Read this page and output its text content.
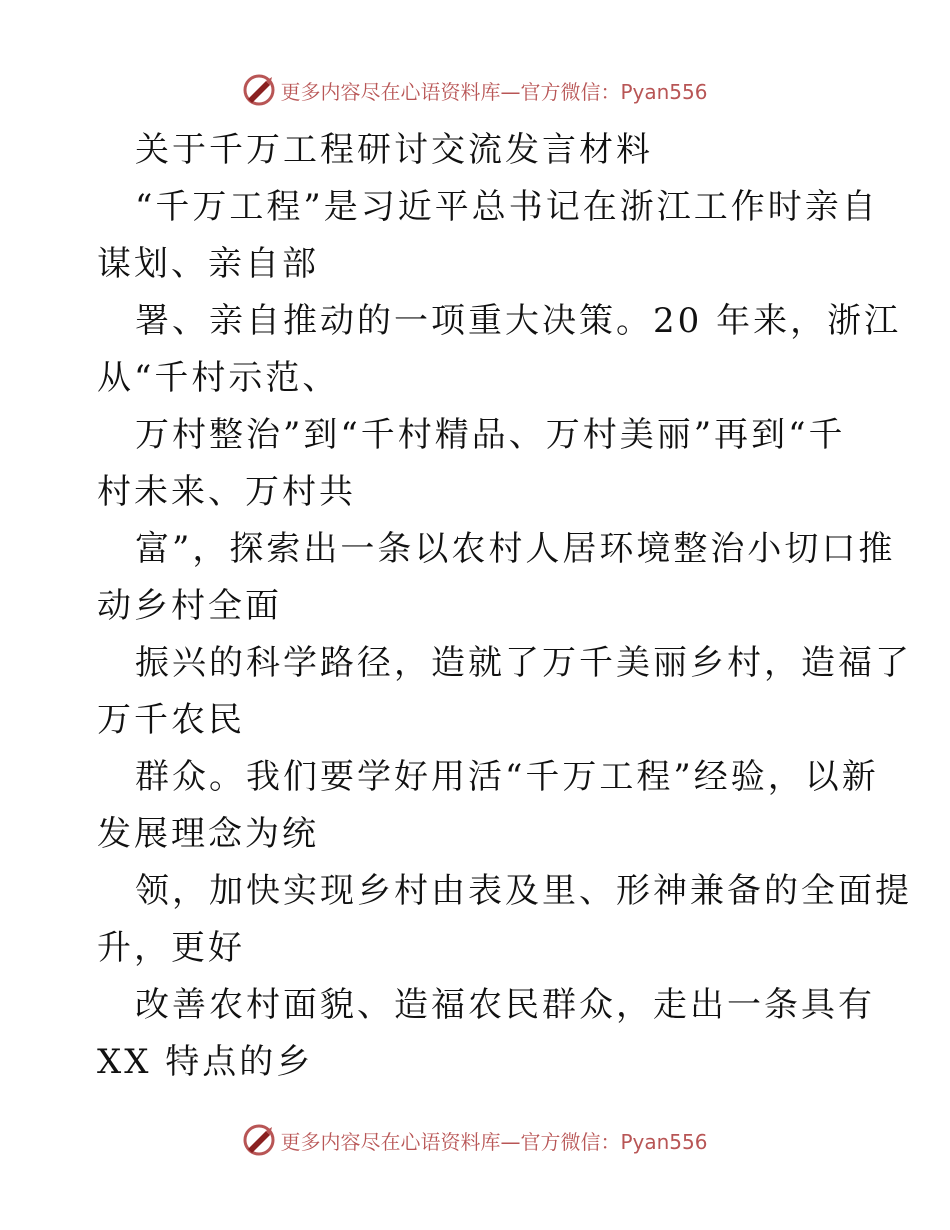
更多内容尽在心语资料库—官方微信：Pyan556
关于千万工程研讨交流发言材料
“千万工程”是习近平总书记在浙江工作时亲自
谋划、亲自部
署、亲自推动的一项重大决策。20 年来，浙江
从“千村示范、
万村整治”到“千村精品、万村美丽”再到“千
村未来、万村共
富”，探索出一条以农村人居环境整治小切口推
动乡村全面
振兴的科学路径，造就了万千美丽乡村，造福了
万千农民
群众。我们要学好用活“千万工程”经验，以新
发展理念为统
领，加快实现乡村由表及里、形神兼备的全面提
升，更好
改善农村面貌、造福农民群众，走出一条具有
XX 特点的乡
更多内容尽在心语资料库—官方微信：Pyan556
